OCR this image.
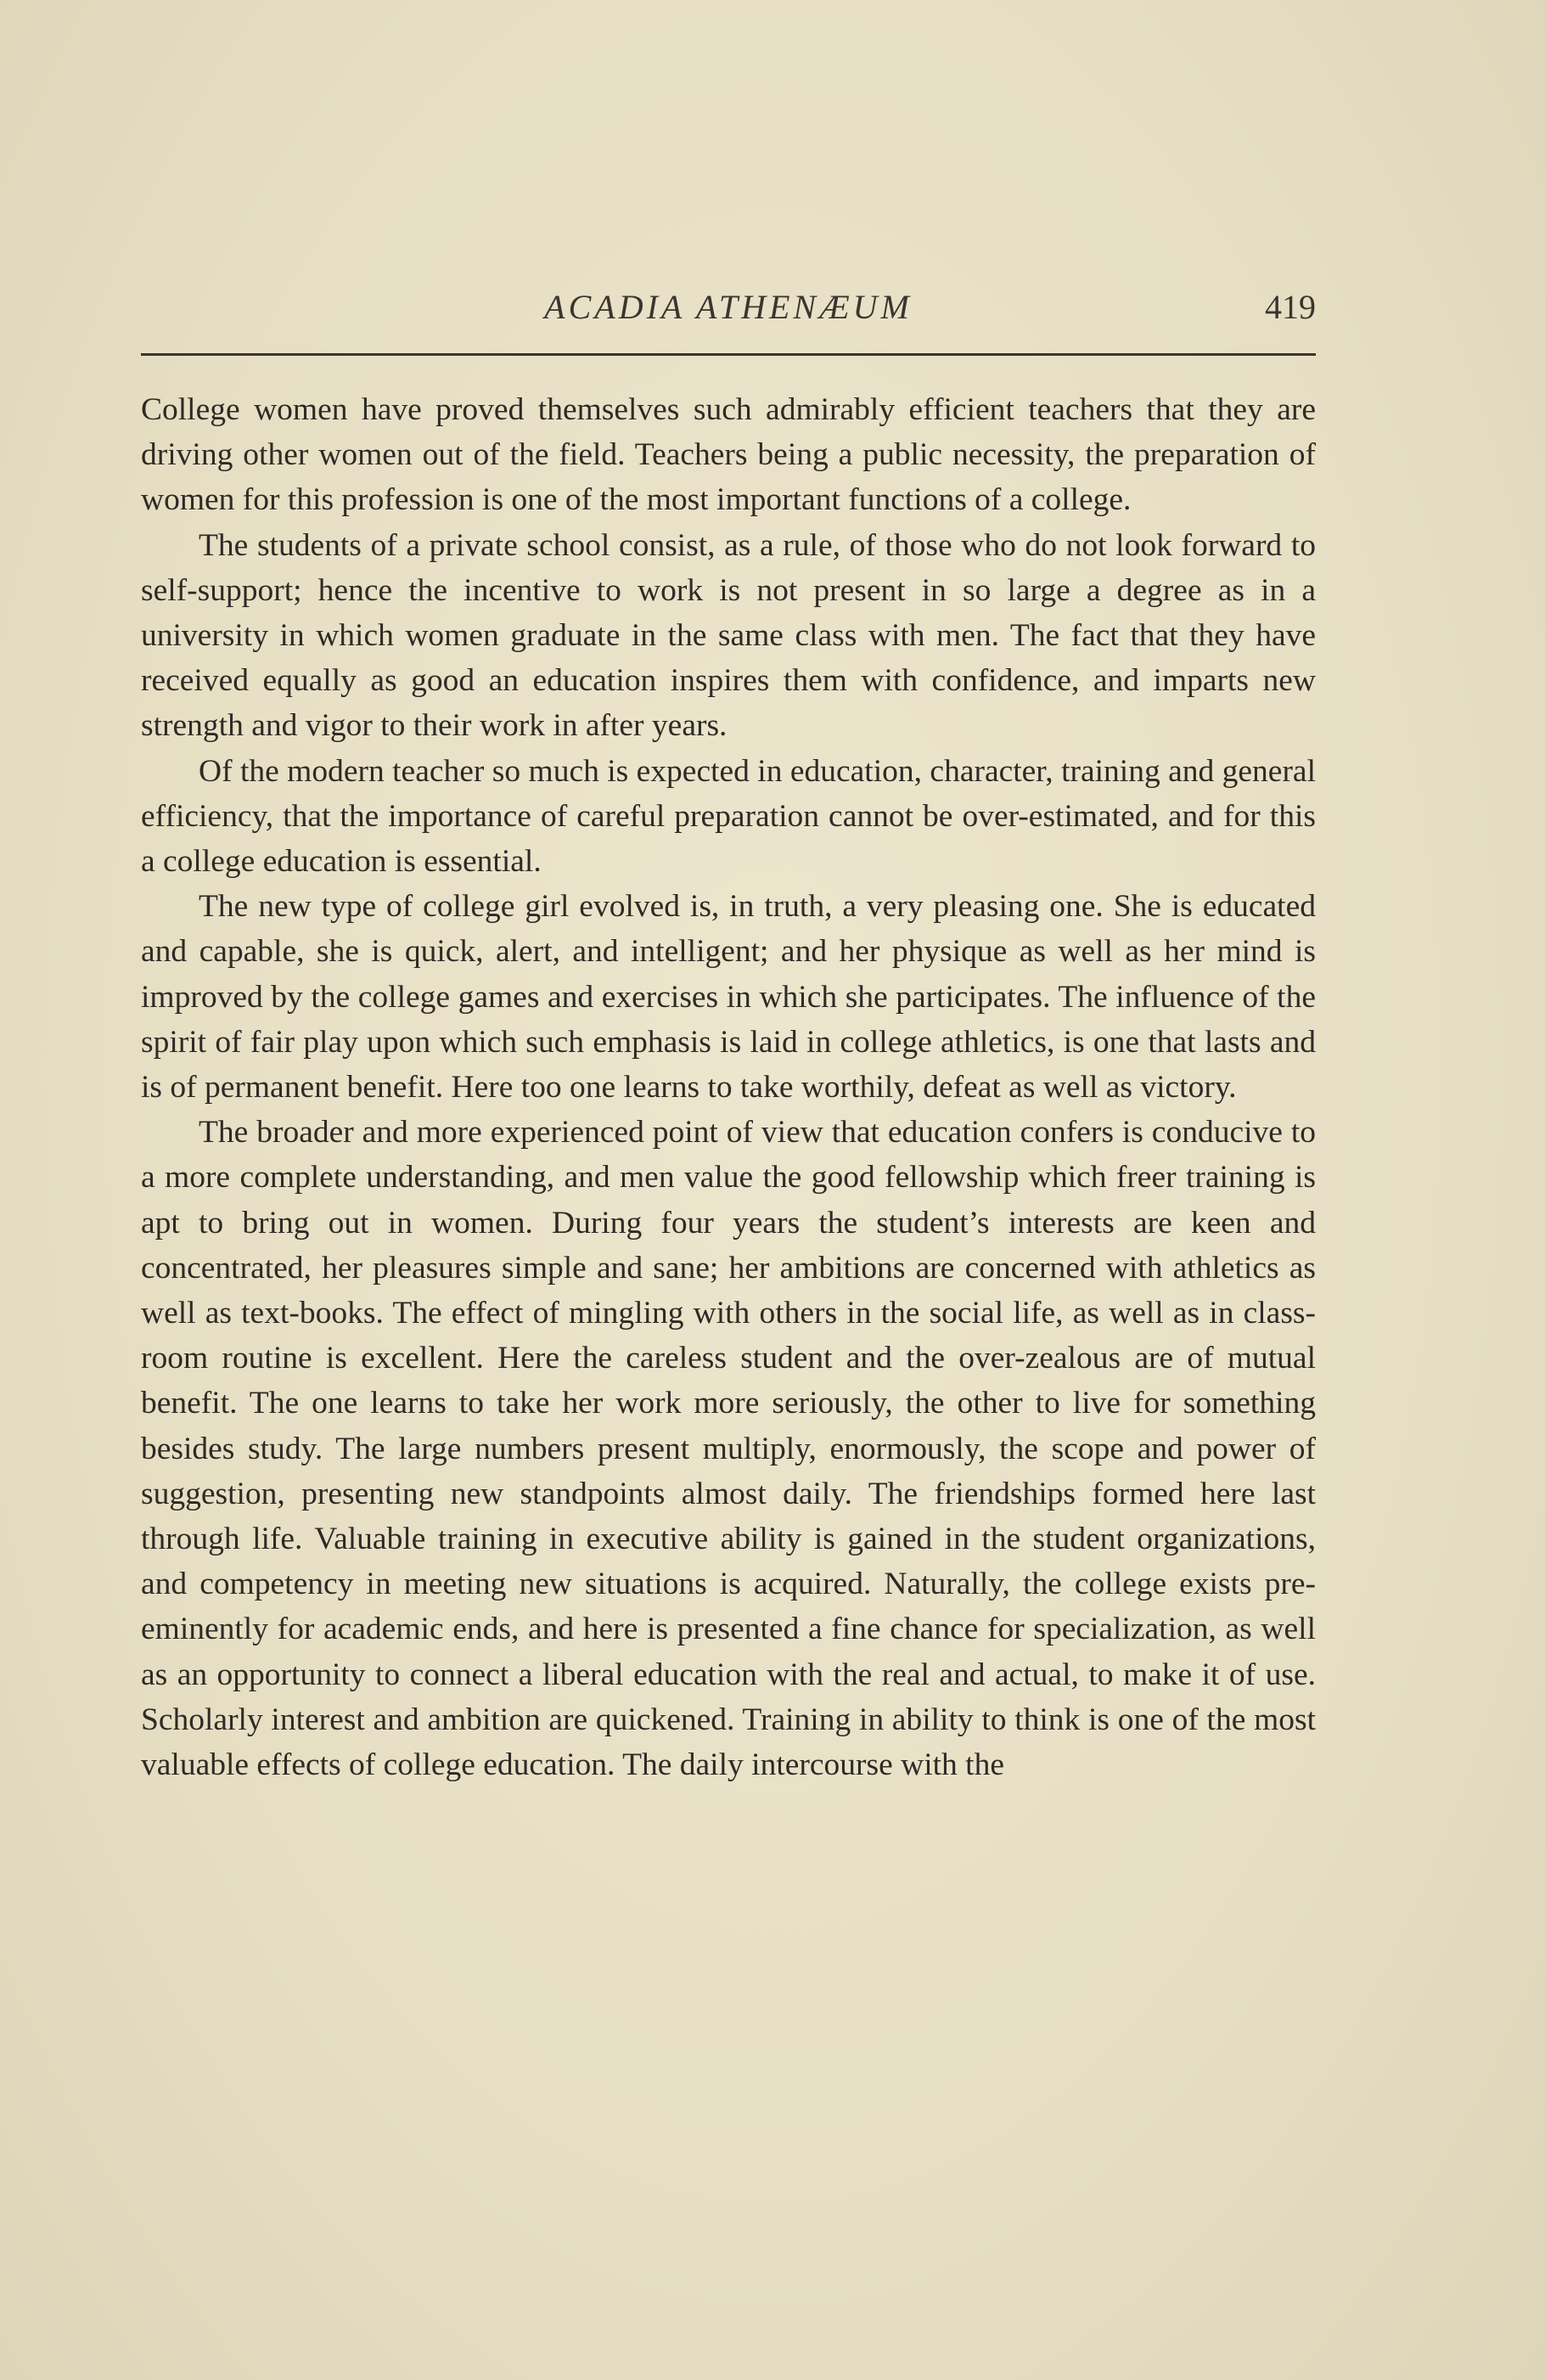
ACADIA ATHENÆUM	419

College women have proved themselves such admirably efficient teachers that they are driving other women out of the field. Teachers being a public necessity, the preparation of women for this profession is one of the most important functions of a college.

The students of a private school consist, as a rule, of those who do not look forward to self-support; hence the incentive to work is not present in so large a degree as in a university in which women graduate in the same class with men. The fact that they have received equally as good an education inspires them with confidence, and imparts new strength and vigor to their work in after years.

Of the modern teacher so much is expected in education, character, training and general efficiency, that the importance of careful preparation cannot be over-estimated, and for this a college education is essential.

The new type of college girl evolved is, in truth, a very pleasing one. She is educated and capable, she is quick, alert, and intelligent; and her physique as well as her mind is improved by the college games and exercises in which she participates. The influence of the spirit of fair play upon which such emphasis is laid in college athletics, is one that lasts and is of permanent benefit. Here too one learns to take worthily, defeat as well as victory.

The broader and more experienced point of view that education confers is conducive to a more complete understanding, and men value the good fellowship which freer training is apt to bring out in women. During four years the student’s interests are keen and concentrated, her pleasures simple and sane; her ambitions are concerned with athletics as well as text-books. The effect of mingling with others in the social life, as well as in class-room routine is excellent. Here the careless student and the over-zealous are of mutual benefit. The one learns to take her work more seriously, the other to live for something besides study. The large numbers present multiply, enormously, the scope and power of suggestion, presenting new standpoints almost daily. The friendships formed here last through life. Valuable training in executive ability is gained in the student organizations, and competency in meeting new situations is acquired. Naturally, the college exists pre-eminently for academic ends, and here is presented a fine chance for specialization, as well as an opportunity to connect a liberal education with the real and actual, to make it of use. Scholarly interest and ambition are quickened. Training in ability to think is one of the most valuable effects of college education. The daily intercourse with the
